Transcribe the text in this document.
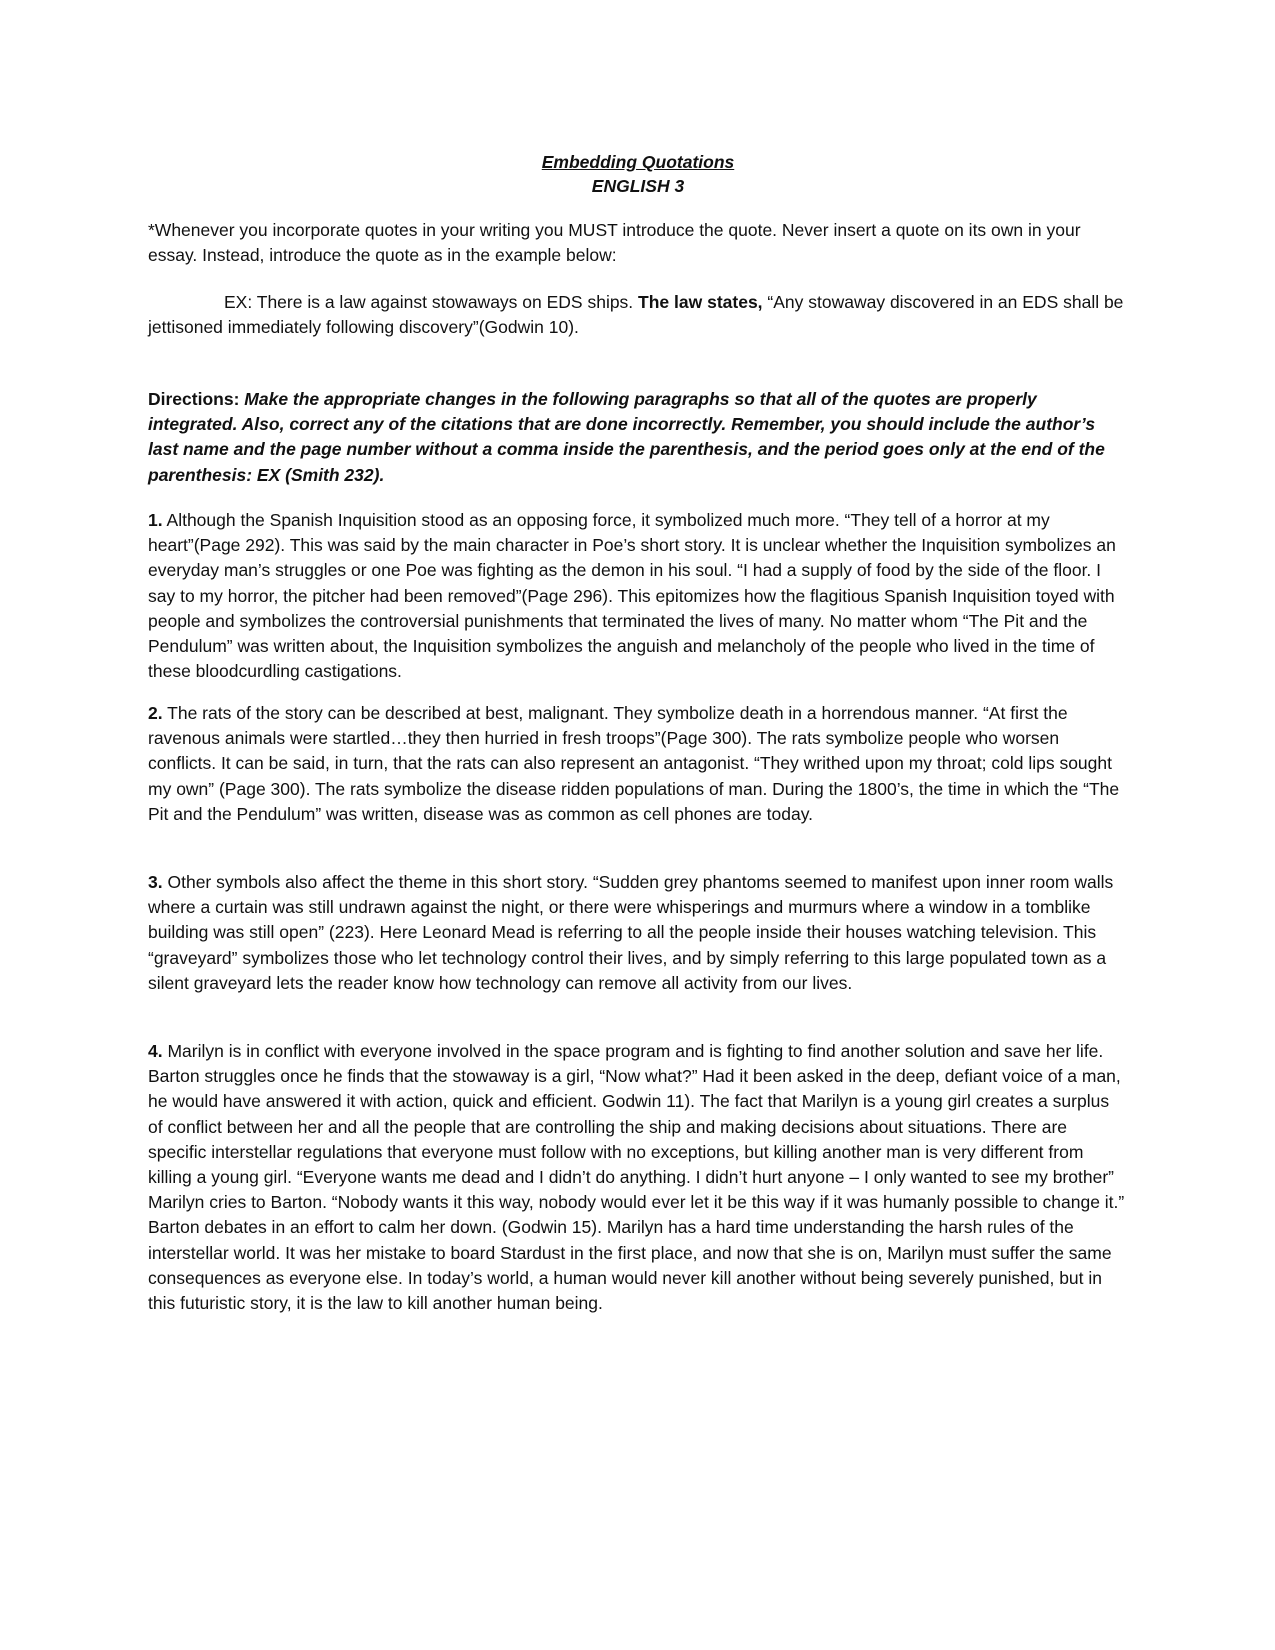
Embedding Quotations
ENGLISH 3

*Whenever you incorporate quotes in your writing you MUST introduce the quote. Never insert a quote on its own in your essay. Instead, introduce the quote as in the example below:

EX: There is a law against stowaways on EDS ships. The law states, “Any stowaway discovered in an EDS shall be jettisoned immediately following discovery”(Godwin 10).

Directions: Make the appropriate changes in the following paragraphs so that all of the quotes are properly integrated. Also, correct any of the citations that are done incorrectly. Remember, you should include the author’s last name and the page number without a comma inside the parenthesis, and the period goes only at the end of the parenthesis: EX (Smith 232).

1. Although the Spanish Inquisition stood as an opposing force, it symbolized much more. “They tell of a horror at my heart”(Page 292). This was said by the main character in Poe’s short story. It is unclear whether the Inquisition symbolizes an everyday man’s struggles or one Poe was fighting as the demon in his soul. “I had a supply of food by the side of the floor. I say to my horror, the pitcher had been removed”(Page 296). This epitomizes how the flagitious Spanish Inquisition toyed with people and symbolizes the controversial punishments that terminated the lives of many. No matter whom “The Pit and the Pendulum” was written about, the Inquisition symbolizes the anguish and melancholy of the people who lived in the time of these bloodcurdling castigations.

2. The rats of the story can be described at best, malignant. They symbolize death in a horrendous manner. “At first the ravenous animals were startled…they then hurried in fresh troops”(Page 300). The rats symbolize people who worsen conflicts. It can be said, in turn, that the rats can also represent an antagonist. “They writhed upon my throat; cold lips sought my own” (Page 300). The rats symbolize the disease ridden populations of man. During the 1800’s, the time in which the “The Pit and the Pendulum” was written, disease was as common as cell phones are today.

3. Other symbols also affect the theme in this short story. “Sudden grey phantoms seemed to manifest upon inner room walls where a curtain was still undrawn against the night, or there were whisperings and murmurs where a window in a tomblike building was still open” (223). Here Leonard Mead is referring to all the people inside their houses watching television. This “graveyard” symbolizes those who let technology control their lives, and by simply referring to this large populated town as a silent graveyard lets the reader know how technology can remove all activity from our lives.

4. Marilyn is in conflict with everyone involved in the space program and is fighting to find another solution and save her life. Barton struggles once he finds that the stowaway is a girl, “Now what?” Had it been asked in the deep, defiant voice of a man, he would have answered it with action, quick and efficient. Godwin 11). The fact that Marilyn is a young girl creates a surplus of conflict between her and all the people that are controlling the ship and making decisions about situations. There are specific interstellar regulations that everyone must follow with no exceptions, but killing another man is very different from killing a young girl. “Everyone wants me dead and I didn’t do anything. I didn’t hurt anyone – I only wanted to see my brother” Marilyn cries to Barton. “Nobody wants it this way, nobody would ever let it be this way if it was humanly possible to change it.” Barton debates in an effort to calm her down. (Godwin 15). Marilyn has a hard time understanding the harsh rules of the interstellar world. It was her mistake to board Stardust in the first place, and now that she is on, Marilyn must suffer the same consequences as everyone else. In today’s world, a human would never kill another without being severely punished, but in this futuristic story, it is the law to kill another human being.
